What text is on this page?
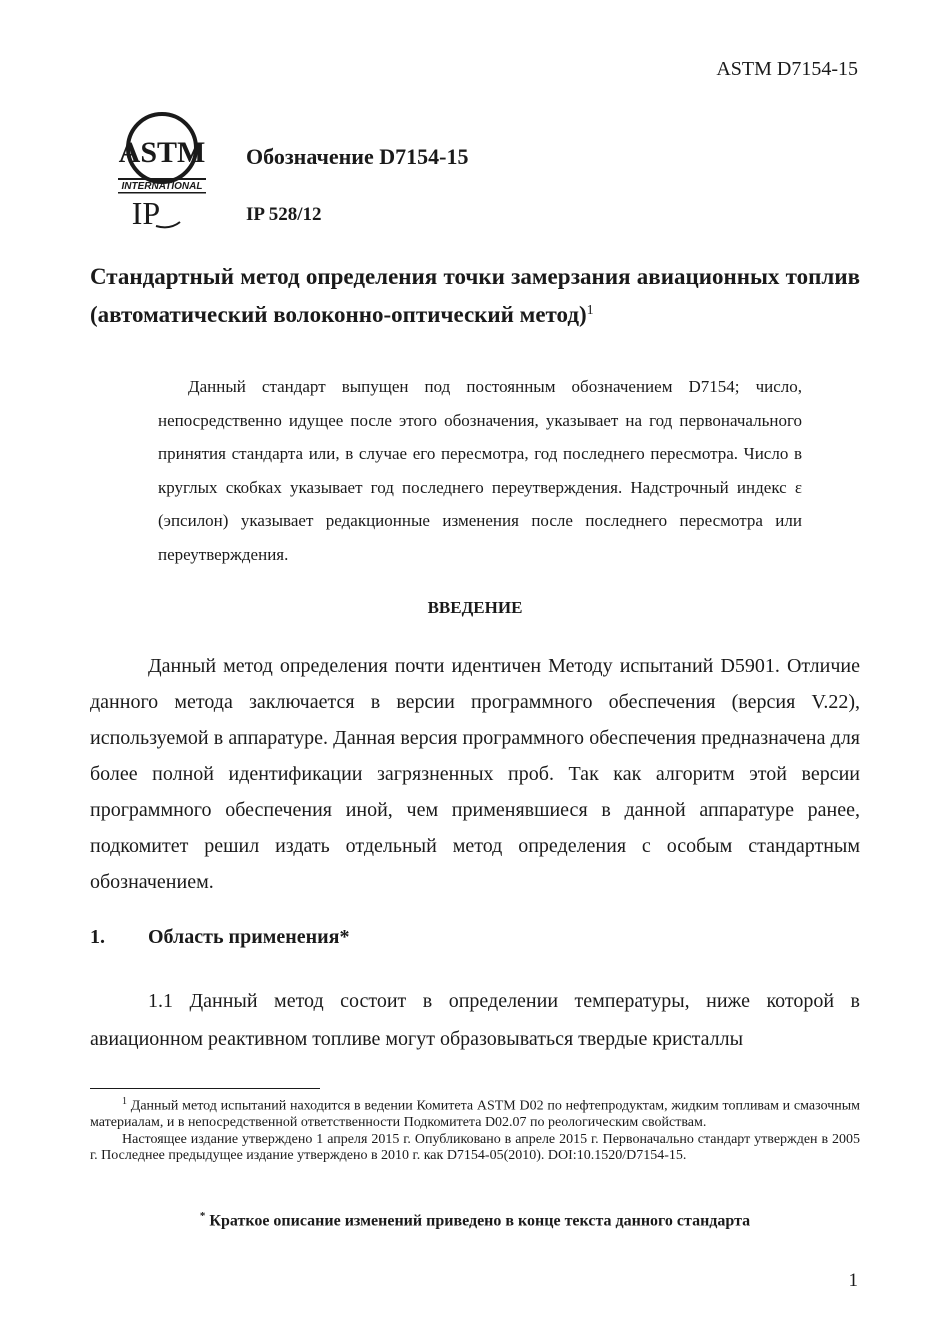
ASTM D7154-15
ASTM
INTERNATIONAL
IP
Обозначение D7154-15
IP 528/12
Стандартный метод определения точки замерзания авиационных топлив (автоматический волоконно-оптический метод)$^1$
Данный стандарт выпущен под постоянным обозначением D7154; число, непосредственно идущее после этого обозначения, указывает на год первоначального принятия стандарта или, в случае его пересмотра, год последнего пересмотра. Число в круглых скобках указывает год последнего переутверждения. Надстрочный индекс ε (эпсилон) указывает редакционные изменения после последнего пересмотра или переутверждения.
ВВЕДЕНИЕ
Данный метод определения почти идентичен Методу испытаний D5901. Отличие данного метода заключается в версии программного обеспечения (версия V.22), используемой в аппаратуре. Данная версия программного обеспечения предназначена для более полной идентификации загрязненных проб. Так как алгоритм этой версии программного обеспечения иной, чем применявшиеся в данной аппаратуре ранее, подкомитет решил издать отдельный метод определения с особым стандартным обозначением.
1. Область применения*
1.1 Данный метод состоит в определении температуры, ниже которой в авиационном реактивном топливе могут образовываться твердые кристаллы

$^1$ Данный метод испытаний находится в ведении Комитета ASTM D02 по нефтепродуктам, жидким топливам и смазочным материалам, и в непосредственной ответственности Подкомитета D02.07 по реологическим свойствам.

Настоящее издание утверждено 1 апреля 2015 г. Опубликовано в апреле 2015 г. Первоначально стандарт утвержден в 2005 г. Последнее предыдущее издание утверждено в 2010 г. как D7154-05(2010). DOI:10.1520/D7154-15.

* Краткое описание изменений приведено в конце текста данного стандарта
1
